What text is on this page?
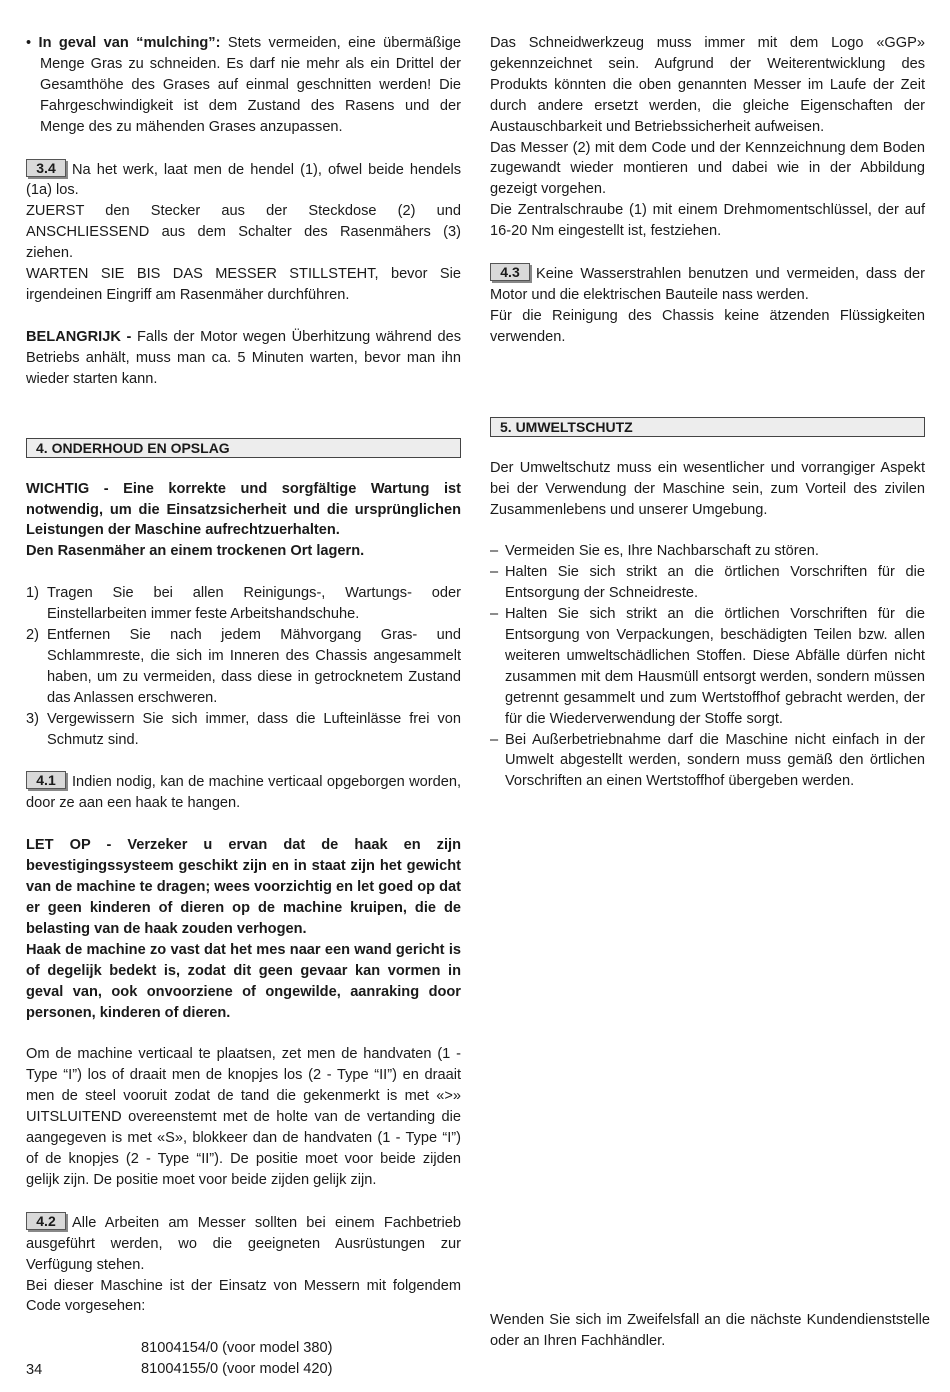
• In geval van “mulching”: Stets vermeiden, eine übermäßige Menge Gras zu schneiden. Es darf nie mehr als ein Drittel der Gesamthöhe des Grases auf einmal geschnitten werden! Die Fahrgeschwindigkeit ist dem Zustand des Rasens und der Menge des zu mähenden Grases anzupassen.

3.4 Na het werk, laat men de hendel (1), ofwel beide hendels (1a) los.

ZUERST den Stecker aus der Steckdose (2) und ANSCHLIESSEND aus dem Schalter des Rasenmähers (3) ziehen.

WARTEN SIE BIS DAS MESSER STILLSTEHT, bevor Sie irgendeinen Eingriff am Rasenmäher durchführen.

BELANGRIJK - Falls der Motor wegen Überhitzung während des Betriebs anhält, muss man ca. 5 Minuten warten, bevor man ihn wieder starten kann.

4. ONDERHOUD EN OPSLAG

WICHTIG - Eine korrekte und sorgfältige Wartung ist notwendig, um die Einsatzsicherheit und die ursprünglichen Leistungen der Maschine aufrechtzuerhalten.

Den Rasenmäher an einem trockenen Ort lagern.

1) Tragen Sie bei allen Reinigungs-, Wartungs- oder Einstellarbeiten immer feste Arbeitshandschuhe.
2) Entfernen Sie nach jedem Mähvorgang Gras- und Schlammreste, die sich im Inneren des Chassis angesammelt haben, um zu vermeiden, dass diese in getrocknetem Zustand das Anlassen erschweren.
3) Vergewissern Sie sich immer, dass die Lufteinlässe frei von Schmutz sind.

4.1 Indien nodig, kan de machine verticaal opgeborgen worden, door ze aan een haak te hangen.

LET OP - Verzeker u ervan dat de haak en zijn bevestigingssysteem geschikt zijn en in staat zijn het gewicht van de machine te dragen; wees voorzichtig en let goed op dat er geen kinderen of dieren op de machine kruipen, die de belasting van de haak zouden verhogen.

Haak de machine zo vast dat het mes naar een wand gericht is of degelijk bedekt is, zodat dit geen gevaar kan vormen in geval van, ook onvoorziene of ongewilde, aanraking door personen, kinderen of dieren.

Om de machine verticaal te plaatsen, zet men de handvaten (1 - Type “I”) los of draait men de knopjes los (2 - Type “II”) en draait men de steel vooruit zodat de tand die gekenmerkt is met «>» UITSLUITEND overeenstemt met de holte van de vertanding die aangegeven is met «S», blokkeer dan de handvaten (1 - Type “I”) of de knopjes (2 - Type “II”). De positie moet voor beide zijden gelijk zijn. De positie moet voor beide zijden gelijk zijn.

4.2 Alle Arbeiten am Messer sollten bei einem Fachbetrieb ausgeführt werden, wo die geeigneten Ausrüstungen zur Verfügung stehen.

Bei dieser Maschine ist der Einsatz von Messern mit folgendem Code vorgesehen:

81004154/0 (voor model 380)
81004155/0 (voor model 420)

Das Schneidwerkzeug muss immer mit dem Logo «GGP» gekennzeichnet sein. Aufgrund der Weiterentwicklung des Produkts könnten die oben genannten Messer im Laufe der Zeit durch andere ersetzt werden, die gleiche Eigenschaften der Austauschbarkeit und Betriebssicherheit aufweisen.

Das Messer (2) mit dem Code und der Kennzeichnung dem Boden zugewandt wieder montieren und dabei wie in der Abbildung gezeigt vorgehen.

Die Zentralschraube (1) mit einem Drehmomentschlüssel, der auf 16-20 Nm eingestellt ist, festziehen.

4.3 Keine Wasserstrahlen benutzen und vermeiden, dass der Motor und die elektrischen Bauteile nass werden.

Für die Reinigung des Chassis keine ätzenden Flüssigkeiten verwenden.

5. UMWELTSCHUTZ

Der Umweltschutz muss ein wesentlicher und vorrangiger Aspekt bei der Verwendung der Maschine sein, zum Vorteil des zivilen Zusammenlebens und unserer Umgebung.

– Vermeiden Sie es, Ihre Nachbarschaft zu stören.
– Halten Sie sich strikt an die örtlichen Vorschriften für die Entsorgung der Schneidreste.
– Halten Sie sich strikt an die örtlichen Vorschriften für die Entsorgung von Verpackungen, beschädigten Teilen bzw. allen weiteren umweltschädlichen Stoffen. Diese Abfälle dürfen nicht zusammen mit dem Hausmüll entsorgt werden, sondern müssen getrennt gesammelt und zum Wertstoffhof gebracht werden, der für die Wiederverwendung der Stoffe sorgt.
– Bei Außerbetriebnahme darf die Maschine nicht einfach in der Umwelt abgestellt werden, sondern muss gemäß den örtlichen Vorschriften an einen Wertstoffhof übergeben werden.

Wenden Sie sich im Zweifelsfall an die nächste Kundendienststelle oder an Ihren Fachhändler.

34
